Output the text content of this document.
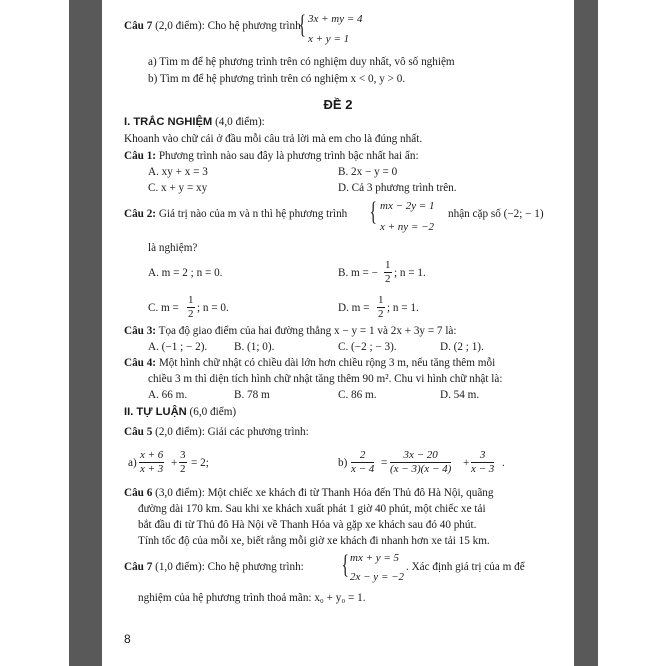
Câu 7 (2,0 điểm): Cho hệ phương trình
{ 3x + my = 4
x + y = 1
a) Tìm m để hệ phương trình trên có nghiệm duy nhất, vô số nghiệm
b) Tìm m để hệ phương trình trên có nghiệm x < 0, y > 0.
ĐỀ 2
I. TRẮC NGHIỆM (4,0 điểm):
Khoanh vào chữ cái ở đầu mỗi câu trả lời mà em cho là đúng nhất.
Câu 1: Phương trình nào sau đây là phương trình bậc nhất hai ẩn:
A. xy + x = 3	B. 2x − y = 0
C. x + y = xy	D. Cả 3 phương trình trên.
Câu 2: Giá trị nào của m và n thì hệ phương trình { mx − 2y = 1
x + ny = −2
nhận cặp số (−2; − 1)
là nghiệm?
A. m = 2 ; n = 0.	B. m = − $\frac{1}{2}$ ; n = 1.
C. $m = \frac{1}{2}$ ; n = 0.	D. $m = \frac{1}{2}$ ; n = 1.
Câu 3: Tọa độ giao điểm của hai đường thẳng x − y = 1 và 2x + 3y = 7 là:
A. (−1 ; − 2). B. (1; 0).	C. (−2 ; − 3).	D. (2 ; 1).
Câu 4: Một hình chữ nhật có chiều dài lớn hơn chiều rộng 3 m, nếu tăng thêm mỗi
chiều 3 m thì diện tích hình chữ nhật tăng thêm 90 m². Chu vi hình chữ nhật là:
A. 66 m.	B. 78 m	C. 86 m.	D. 54 m.
II. TỰ LUẬN (6,0 điểm)
Câu 5 (2,0 điểm): Giải các phương trình:
$a) \frac{x + 6}{x + 3} + \frac{3}{2} = 2$;	$b) \frac{2}{x - 4} = \frac{3x - 20}{(x - 3)(x - 4)} + \frac{3}{x - 3}$ .
Câu 6 (3,0 điểm): Một chiếc xe khách đi từ Thanh Hóa đến Thủ đô Hà Nội, quãng
đường dài 170 km. Sau khi xe khách xuất phát 1 giờ 40 phút, một chiếc xe tải
bắt đầu đi từ Thủ đô Hà Nội về Thanh Hóa và gặp xe khách sau đó 40 phút.
Tính tốc độ của mỗi xe, biết rằng mỗi giờ xe khách đi nhanh hơn xe tải 15 km.
Câu 7 (1,0 điểm): Cho hệ phương trình: { mx + y = 5
2x − y = −2
. Xác định giá trị của m để
nghiệm của hệ phương trình thoả mãn: x₀ + y₀ = 1.
8
